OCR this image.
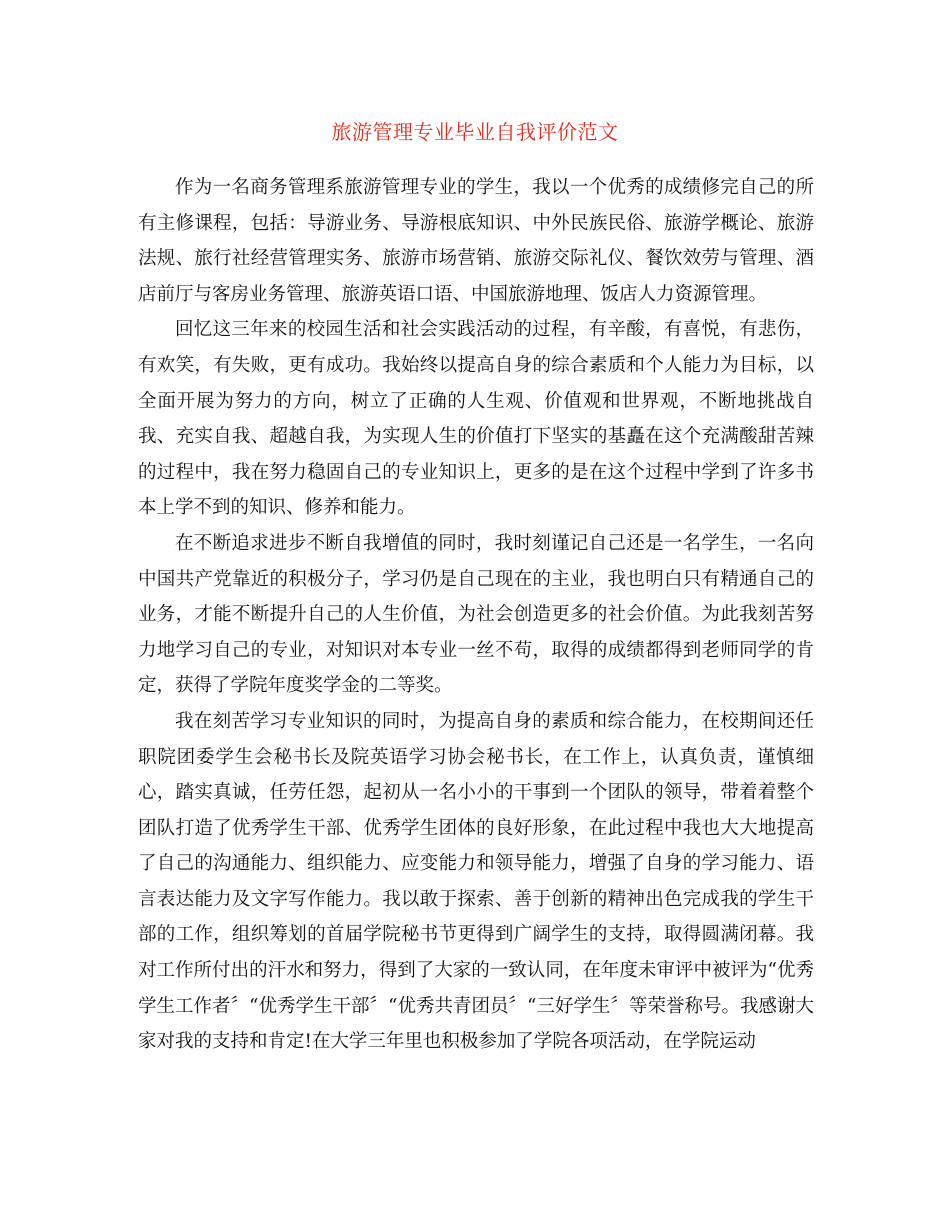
旅游管理专业毕业自我评价范文

作为一名商务管理系旅游管理专业的学生，我以一个优秀的成绩修完自己的所有主修课程，包括：导游业务、导游根底知识、中外民族民俗、旅游学概论、旅游法规、旅行社经营管理实务、旅游市场营销、旅游交际礼仪、餐饮效劳与管理、酒店前厅与客房业务管理、旅游英语口语、中国旅游地理、饭店人力资源管理。

回忆这三年来的校园生活和社会实践活动的过程，有辛酸，有喜悦，有悲伤，有欢笑，有失败，更有成功。我始终以提高自身的综合素质和个人能力为目标，以全面开展为努力的方向，树立了正确的人生观、价值观和世界观，不断地挑战自我、充实自我、超越自我，为实现人生的价值打下坚实的基矗在这个充满酸甜苦辣的过程中，我在努力稳固自己的专业知识上，更多的是在这个过程中学到了许多书本上学不到的知识、修养和能力。

在不断追求进步不断自我增值的同时，我时刻谨记自己还是一名学生，一名向中国共产党靠近的积极分子，学习仍是自己现在的主业，我也明白只有精通自己的业务，才能不断提升自己的人生价值，为社会创造更多的社会价值。为此我刻苦努力地学习自己的专业，对知识对本专业一丝不苟，取得的成绩都得到老师同学的肯定，获得了学院年度奖学金的二等奖。

我在刻苦学习专业知识的同时，为提高自身的素质和综合能力，在校期间还任职院团委学生会秘书长及院英语学习协会秘书长，在工作上，认真负责，谨慎细心，踏实真诚，任劳任怨，起初从一名小小的干事到一个团队的领导，带着着整个团队打造了优秀学生干部、优秀学生团体的良好形象，在此过程中我也大大地提高了自己的沟通能力、组织能力、应变能力和领导能力，增强了自身的学习能力、语言表达能力及文字写作能力。我以敢于探索、善于创新的精神出色完成我的学生干部的工作，组织筹划的首届学院秘书节更得到广阔学生的支持，取得圆满闭幕。我对工作所付出的汗水和努力，得到了大家的一致认同，在年度未审评中被评为“优秀学生工作者〞“优秀学生干部〞“优秀共青团员〞“三好学生〞等荣誉称号。我感谢大家对我的支持和肯定!在大学三年里也积极参加了学院各项活动，在学院运动
